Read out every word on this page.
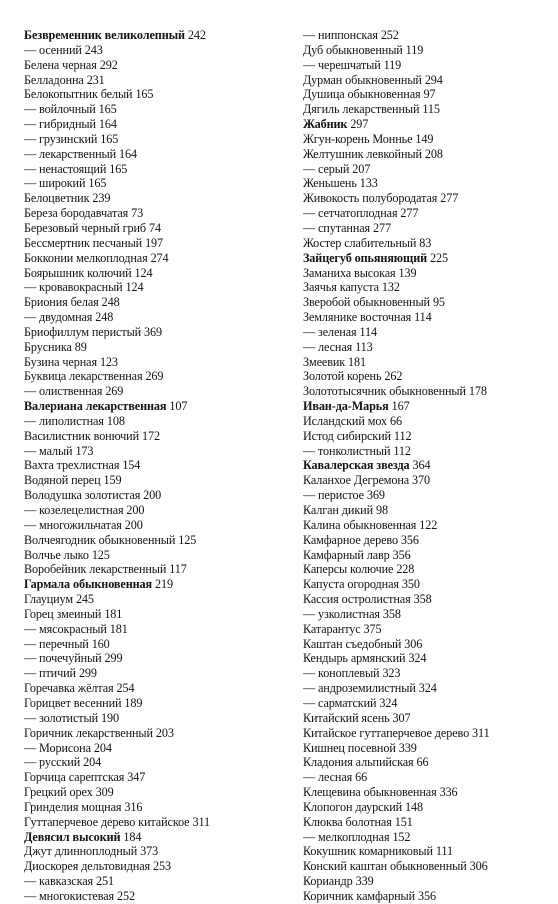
Безвременник великолепный 242
— осенний 243
Белена черная 292
Белладонна 231
Белокопытник белый 165
— войлочный 165
— гибридный 164
— грузинский 165
— лекарственный 164
— ненастоящий 165
— широкий 165
Белоцветник 239
Береза бородавчатая 73
Березовый черный гриб 74
Бессмертник песчаный 197
Бокконии мелкоплодная 274
Боярышник колючий 124
— кровавокрасный 124
Бриония белая 248
— двудомная 248
Бриофиллум перистый 369
Брусника 89
Бузина черная 123
Буквица лекарственная 269
— олиственная 269
Валериана лекарственная 107
— липолистная 108
Василистник вонючий 172
— малый 173
Вахта трехлистная 154
Водяной перец 159
Володушка золотистая 200
— козелецелистная 200
— многожильчатая 200
Волчеягодник обыкновенный 125
Волчье лыко 125
Воробейник лекарственный 117
Гармала обыкновенная 219
Глауциум 245
Горец змеиный 181
— мясокрасный 181
— перечный 160
— почечуйный 299
— птичий 299
Горечавка жёлтая 254
Горицвет весенний 189
— золотистый 190
Горичник лекарственный 203
— Морисона 204
— русский 204
Горчица сарептская 347
Грецкий орех 309
Гринделия мощная 316
Гуттаперчевое дерево китайское 311
Девясил высокий 184
Джут длинноплодный 373
Диоскорея дельтовидная 253
— кавказская 251
— многокистевая 252
— ниппонская 252
Дуб обыкновенный 119
— черешчатый 119
Дурман обыкновенный 294
Душица обыкновенная 97
Дягиль лекарственный 115
Жабник 297
Жгун-корень Моннье 149
Желтушник левкойный 208
— серый 207
Женьшень 133
Живокость полубородатая 277
— сетчатоплодная 277
— спутанная 277
Жостер слабительный 83
Зайцегуб опьяняющий 225
Заманиха высокая 139
Заячья капуста 132
Зверобой обыкновенный 95
Землянике восточная 114
— зеленая 114
— лесная 113
Змеевик 181
Золотой корень 262
Золототысячник обыкновенный 178
Иван-да-Марья 167
Исландский мох 66
Истод сибирский 112
— тонколистный 112
Кавалерская звезда 364
Каланхое Дегремона 370
— перистое 369
Калган дикий 98
Калина обыкновенная 122
Камфарное дерево 356
Камфарный лавр 356
Каперсы колючие 228
Капуста огородная 350
Кассия остролистная 358
— узколистная 358
Катарантус 375
Каштан съедобный 306
Кендырь армянский 324
— коноплевый 323
— андроземилистный 324
— сарматский 324
Китайский ясень 307
Китайское гуттаперчевое дерево 311
Кишнец посевной 339
Кладония альпийская 66
— лесная 66
Клещевина обыкновенная 336
Клопогон даурский 148
Клюква болотная 151
— мелкоплодная 152
Кокушник комарниковый 111
Конский каштан обыкновенный 306
Кориандр 339
Коричник камфарный 356
